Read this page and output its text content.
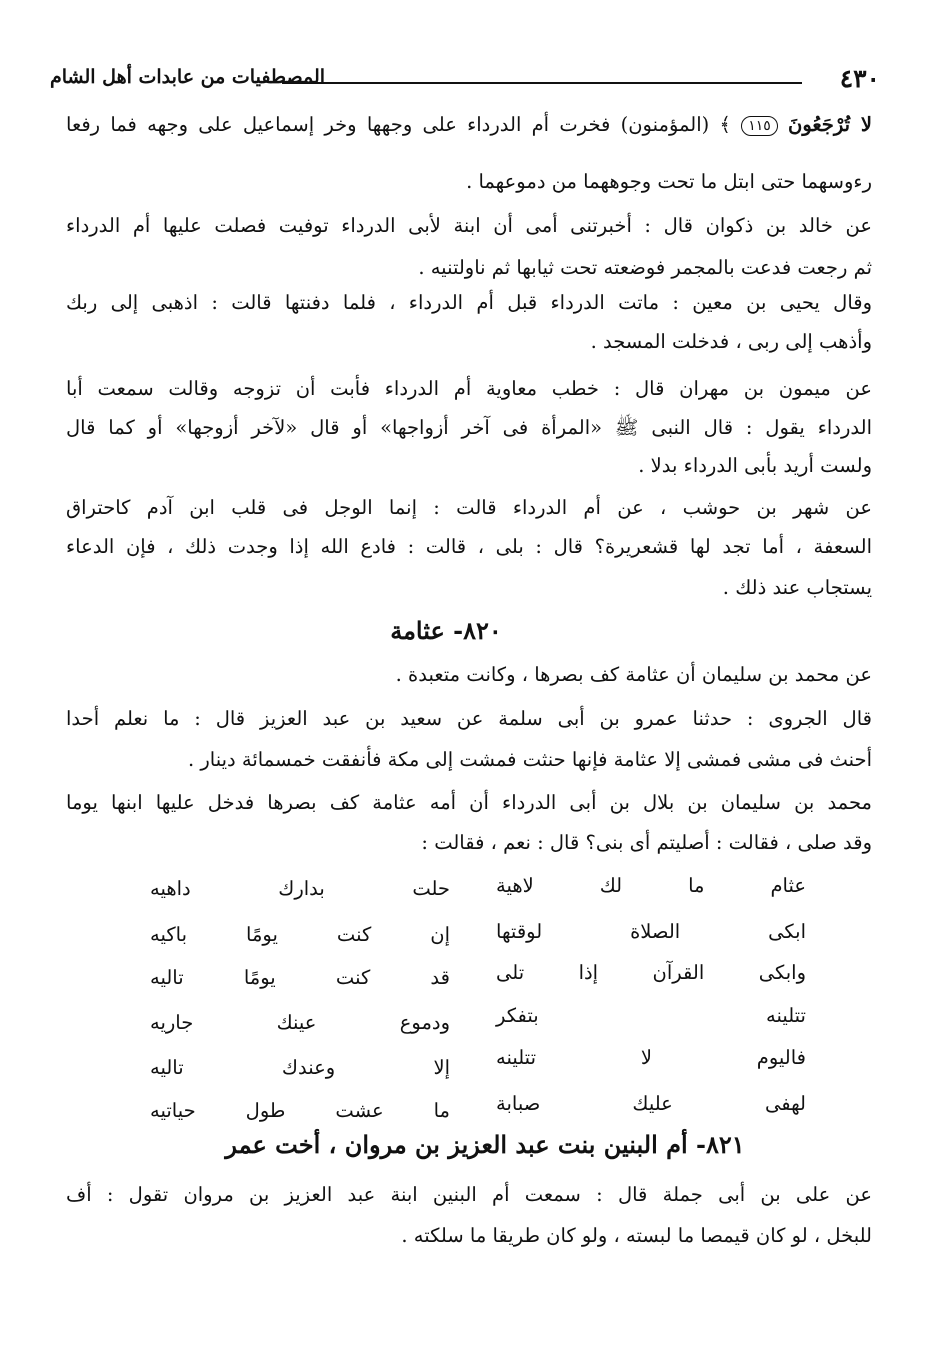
٤٣٠
المصطفيات من عابدات أهل الشام
لا تُرْجَعُونَ ١١٥ ﴾ (المؤمنون) فخرت أم الدرداء على وجهها وخر إسماعيل على وجهه فما رفعا
رءوسهما حتى ابتل ما تحت وجوههما من دموعهما .
عن خالد بن ذكوان قال : أخبرتنى أمى أن ابنة لأبى الدرداء توفيت فصلت عليها أم الدرداء
ثم رجعت فدعت بالمجمر فوضعته تحت ثيابها ثم ناولتنيه .
وقال يحيى بن معين : ماتت الدرداء قبل أم الدرداء ، فلما دفنتها قالت : اذهبى إلى ربك
وأذهب إلى ربى ، فدخلت المسجد .
عن ميمون بن مهران قال : خطب معاوية أم الدرداء فأبت أن تزوجه وقالت سمعت أبا
الدرداء يقول : قال النبى ﷺ «المرأة فى آخر أزواجها» أو قال «لآخر أزوجها» أو كما قال
ولست أريد بأبى الدرداء بدلا .
عن شهر بن حوشب ، عن أم الدرداء قالت : إنما الوجل فى قلب ابن آدم كاحتراق
السعفة ، أما تجد لها قشعريرة؟ قال : بلى ، قالت : فادع الله إذا وجدت ذلك ، فإن الدعاء
يستجاب عند ذلك .
٨٢٠- عثامة
عن محمد بن سليمان أن عثامة كف بصرها ، وكانت متعبدة .
قال الجروى : حدثنا عمرو بن أبى سلمة عن سعيد بن عبد العزيز قال : ما نعلم أحدا
أحنث فى مشى فمشى إلا عثامة فإنها حنثت فمشت إلى مكة فأنفقت خمسمائة دينار .
محمد بن سليمان بن بلال بن أبى الدرداء أن أمه عثامة كف بصرها فدخل عليها ابنها يوما
وقد صلى ، فقالت : أصليتم أى بنى؟ قال : نعم ، فقالت :
عثام ما لك لاهية
حلت بدارك داهيه
ابكى الصلاة لوقتها
إن كنت يومًا باكيه
وابكى القرآن إذا تلى
قد كنت يومًا تاليه
تتلينه بتفكر
ودموع عينك جاريه
فاليوم لا تتلينه
إلا وعندك تاليه
لهفى عليك صبابة
ما عشت طول حياتيه
٨٢١- أم البنين بنت عبد العزيز بن مروان ، أخت عمر
عن على بن أبى جملة قال : سمعت أم البنين ابنة عبد العزيز بن مروان تقول : أف
للبخل ، لو كان قيمصا ما لبسته ، ولو كان طريقا ما سلكته .
